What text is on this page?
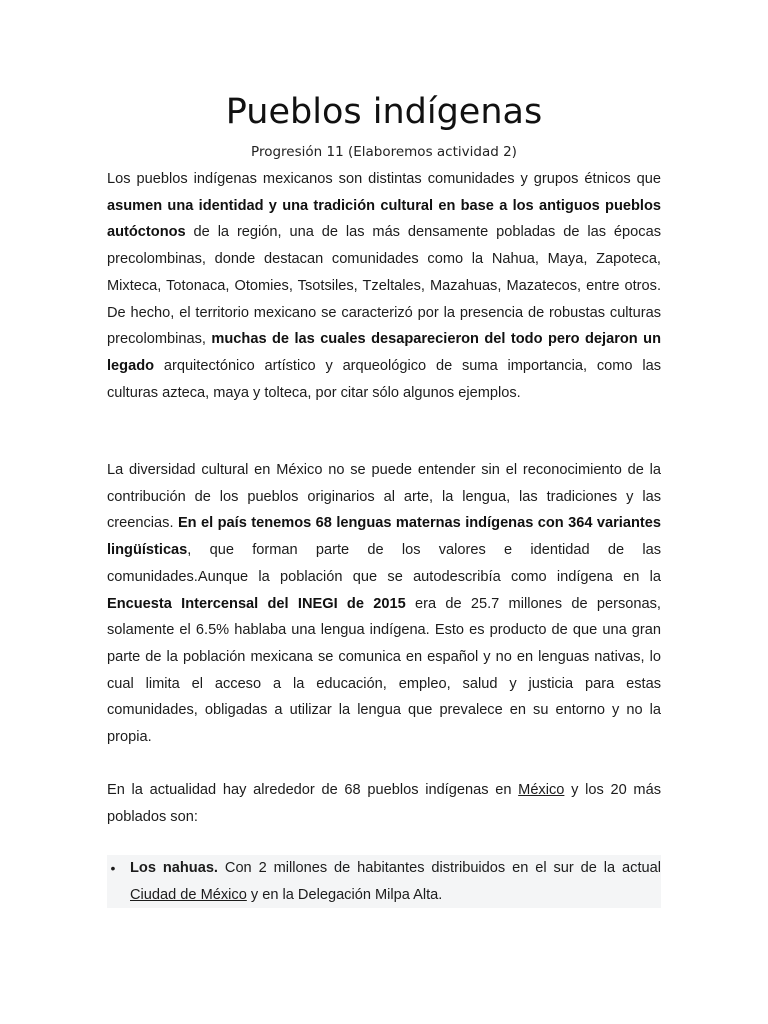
Pueblos indígenas
Progresión 11 (Elaboremos actividad 2)

Los pueblos indígenas mexicanos son distintas comunidades y grupos étnicos que asumen una identidad y una tradición cultural en base a los antiguos pueblos autóctonos de la región, una de las más densamente pobladas de las épocas precolombinas, donde destacan comunidades como la Nahua, Maya, Zapoteca, Mixteca, Totonaca, Otomies, Tsotsiles, Tzeltales, Mazahuas, Mazatecos, entre otros. De hecho, el territorio mexicano se caracterizó por la presencia de robustas culturas precolombinas, muchas de las cuales desaparecieron del todo pero dejaron un legado arquitectónico artístico y arqueológico de suma importancia, como las culturas azteca, maya y tolteca, por citar sólo algunos ejemplos.

La diversidad cultural en México no se puede entender sin el reconocimiento de la contribución de los pueblos originarios al arte, la lengua, las tradiciones y las creencias. En el país tenemos 68 lenguas maternas indígenas con 364 variantes lingüísticas, que forman parte de los valores e identidad de las comunidades.Aunque la población que se autodescribía como indígena en la Encuesta Intercensal del INEGI de 2015 era de 25.7 millones de personas, solamente el 6.5% hablaba una lengua indígena. Esto es producto de que una gran parte de la población mexicana se comunica en español y no en lenguas nativas, lo cual limita el acceso a la educación, empleo, salud y justicia para estas comunidades, obligadas a utilizar la lengua que prevalece en su entorno y no la propia.

En la actualidad hay alrededor de 68 pueblos indígenas en México y los 20 más poblados son:

• Los nahuas. Con 2 millones de habitantes distribuidos en el sur de la actual Ciudad de México y en la Delegación Milpa Alta.
